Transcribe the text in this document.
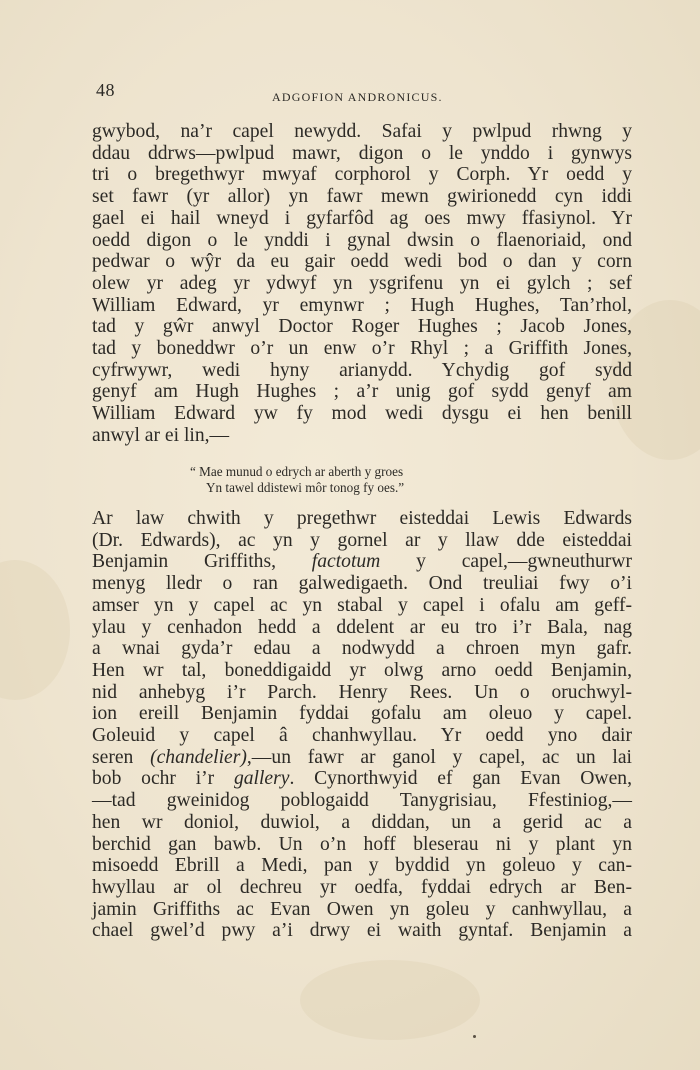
48	ADGOFION ANDRONICUS.
gwybod, na’r capel newydd. Safai y pwlpud rhwng y
ddau ddrws—pwlpud mawr, digon o le ynddo i gynwys
tri o bregethwyr mwyaf corphorol y Corph. Yr oedd y
set fawr (yr allor) yn fawr mewn gwirionedd cyn iddi
gael ei hail wneyd i gyfarfôd ag oes mwy ffasiynol. Yr
oedd digon o le ynddi i gynal dwsin o flaenoriaid, ond
pedwar o wŷr da eu gair oedd wedi bod o dan y corn
olew yr adeg yr ydwyf yn ysgrifenu yn ei gylch ; sef
William Edward, yr emynwr ; Hugh Hughes, Tan’rhol,
tad y gŵr anwyl Doctor Roger Hughes ; Jacob Jones,
tad y boneddwr o’r un enw o’r Rhyl ; a Griffith Jones,
cyfrwywr, wedi hyny arianydd. Ychydig gof sydd
genyf am Hugh Hughes ; a’r unig gof sydd genyf am
William Edward yw fy mod wedi dysgu ei hen benill
anwyl ar ei lin,—
“ Mae munud o edrych ar aberth y groes
Yn tawel ddistewi môr tonog fy oes.”
Ar law chwith y pregethwr eisteddai Lewis Edwards
(Dr. Edwards), ac yn y gornel ar y llaw dde eisteddai
Benjamin Griffiths, factotum y capel,—gwneuthurwr
menyg lledr o ran galwedigaeth. Ond treuliai fwy o’i
amser yn y capel ac yn stabal y capel i ofalu am geff-
ylau y cenhadon hedd a ddelent ar eu tro i’r Bala, nag
a wnai gyda’r edau a nodwydd a chroen myn gafr.
Hen wr tal, boneddigaidd yr olwg arno oedd Benjamin,
nid anhebyg i’r Parch. Henry Rees. Un o oruchwyl-
ion ereill Benjamin fyddai gofalu am oleuo y capel.
Goleuid y capel â chanhwyllau. Yr oedd yno dair
seren (chandelier),—un fawr ar ganol y capel, ac un lai
bob ochr i’r gallery. Cynorthwyid ef gan Evan Owen,
—tad gweinidog poblogaidd Tanygrisiau, Ffestiniog,—
hen wr doniol, duwiol, a diddan, un a gerid ac a
berchid gan bawb. Un o’n hoff bleserau ni y plant yn
misoedd Ebrill a Medi, pan y byddid yn goleuo y can-
hwyllau ar ol dechreu yr oedfa, fyddai edrych ar Ben-
jamin Griffiths ac Evan Owen yn goleu y canhwyllau, a
chael gwel’d pwy a’i drwy ei waith gyntaf. Benjamin a
